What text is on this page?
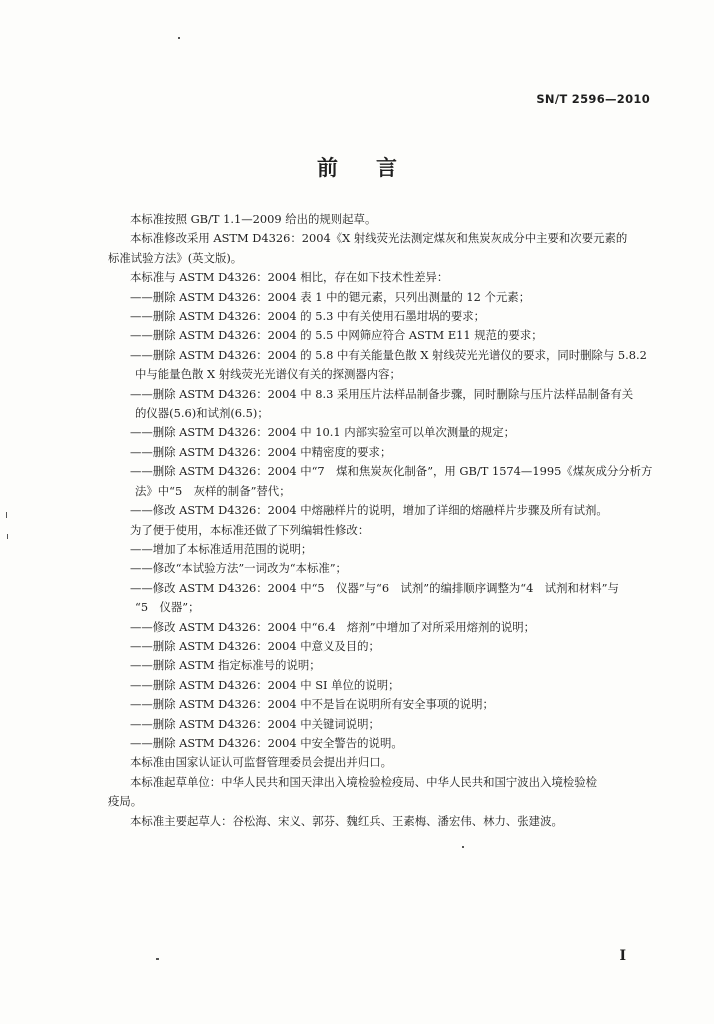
SN/T 2596—2010
前言

本标准按照 GB/T 1.1—2009 给出的规则起草。

本标准修改采用 ASTM D4326：2004《X 射线荧光法测定煤灰和焦炭灰成分中主要和次要元素的

标准试验方法》(英文版)。

本标准与 ASTM D4326：2004 相比，存在如下技术性差异：

——删除 ASTM D4326：2004 表 1 中的锶元素，只列出测量的 12 个元素；

——删除 ASTM D4326：2004 的 5.3 中有关使用石墨坩埚的要求；

——删除 ASTM D4326：2004 的 5.5 中网筛应符合 ASTM E11 规范的要求；

——删除 ASTM D4326：2004 的 5.8 中有关能量色散 X 射线荧光光谱仪的要求，同时删除与 5.8.2

中与能量色散 X 射线荧光光谱仪有关的探测器内容；

——删除 ASTM D4326：2004 中 8.3 采用压片法样品制备步骤，同时删除与压片法样品制备有关

的仪器(5.6)和试剂(6.5)；

——删除 ASTM D4326：2004 中 10.1 内部实验室可以单次测量的规定；

——删除 ASTM D4326：2004 中精密度的要求；

——删除 ASTM D4326：2004 中“7　煤和焦炭灰化制备”，用 GB/T 1574—1995《煤灰成分分析方

法》中“5　灰样的制备”替代；

——修改 ASTM D4326：2004 中熔融样片的说明，增加了详细的熔融样片步骤及所有试剂。

为了便于使用，本标准还做了下列编辑性修改：

——增加了本标准适用范围的说明；

——修改“本试验方法”一词改为“本标准”；

——修改 ASTM D4326：2004 中“5　仪器”与“6　试剂”的编排顺序调整为“4　试剂和材料”与

“5　仪器”；

——修改 ASTM D4326：2004 中“6.4　熔剂”中增加了对所采用熔剂的说明；

——删除 ASTM D4326：2004 中意义及目的；

——删除 ASTM 指定标准号的说明；

——删除 ASTM D4326：2004 中 SI 单位的说明；

——删除 ASTM D4326：2004 中不是旨在说明所有安全事项的说明；

——删除 ASTM D4326：2004 中关键词说明；

——删除 ASTM D4326：2004 中安全警告的说明。

本标准由国家认证认可监督管理委员会提出并归口。

本标准起草单位：中华人民共和国天津出入境检验检疫局、中华人民共和国宁波出入境检验检

疫局。

本标准主要起草人：谷松海、宋义、郭芬、魏红兵、王素梅、潘宏伟、林力、张建波。

I
